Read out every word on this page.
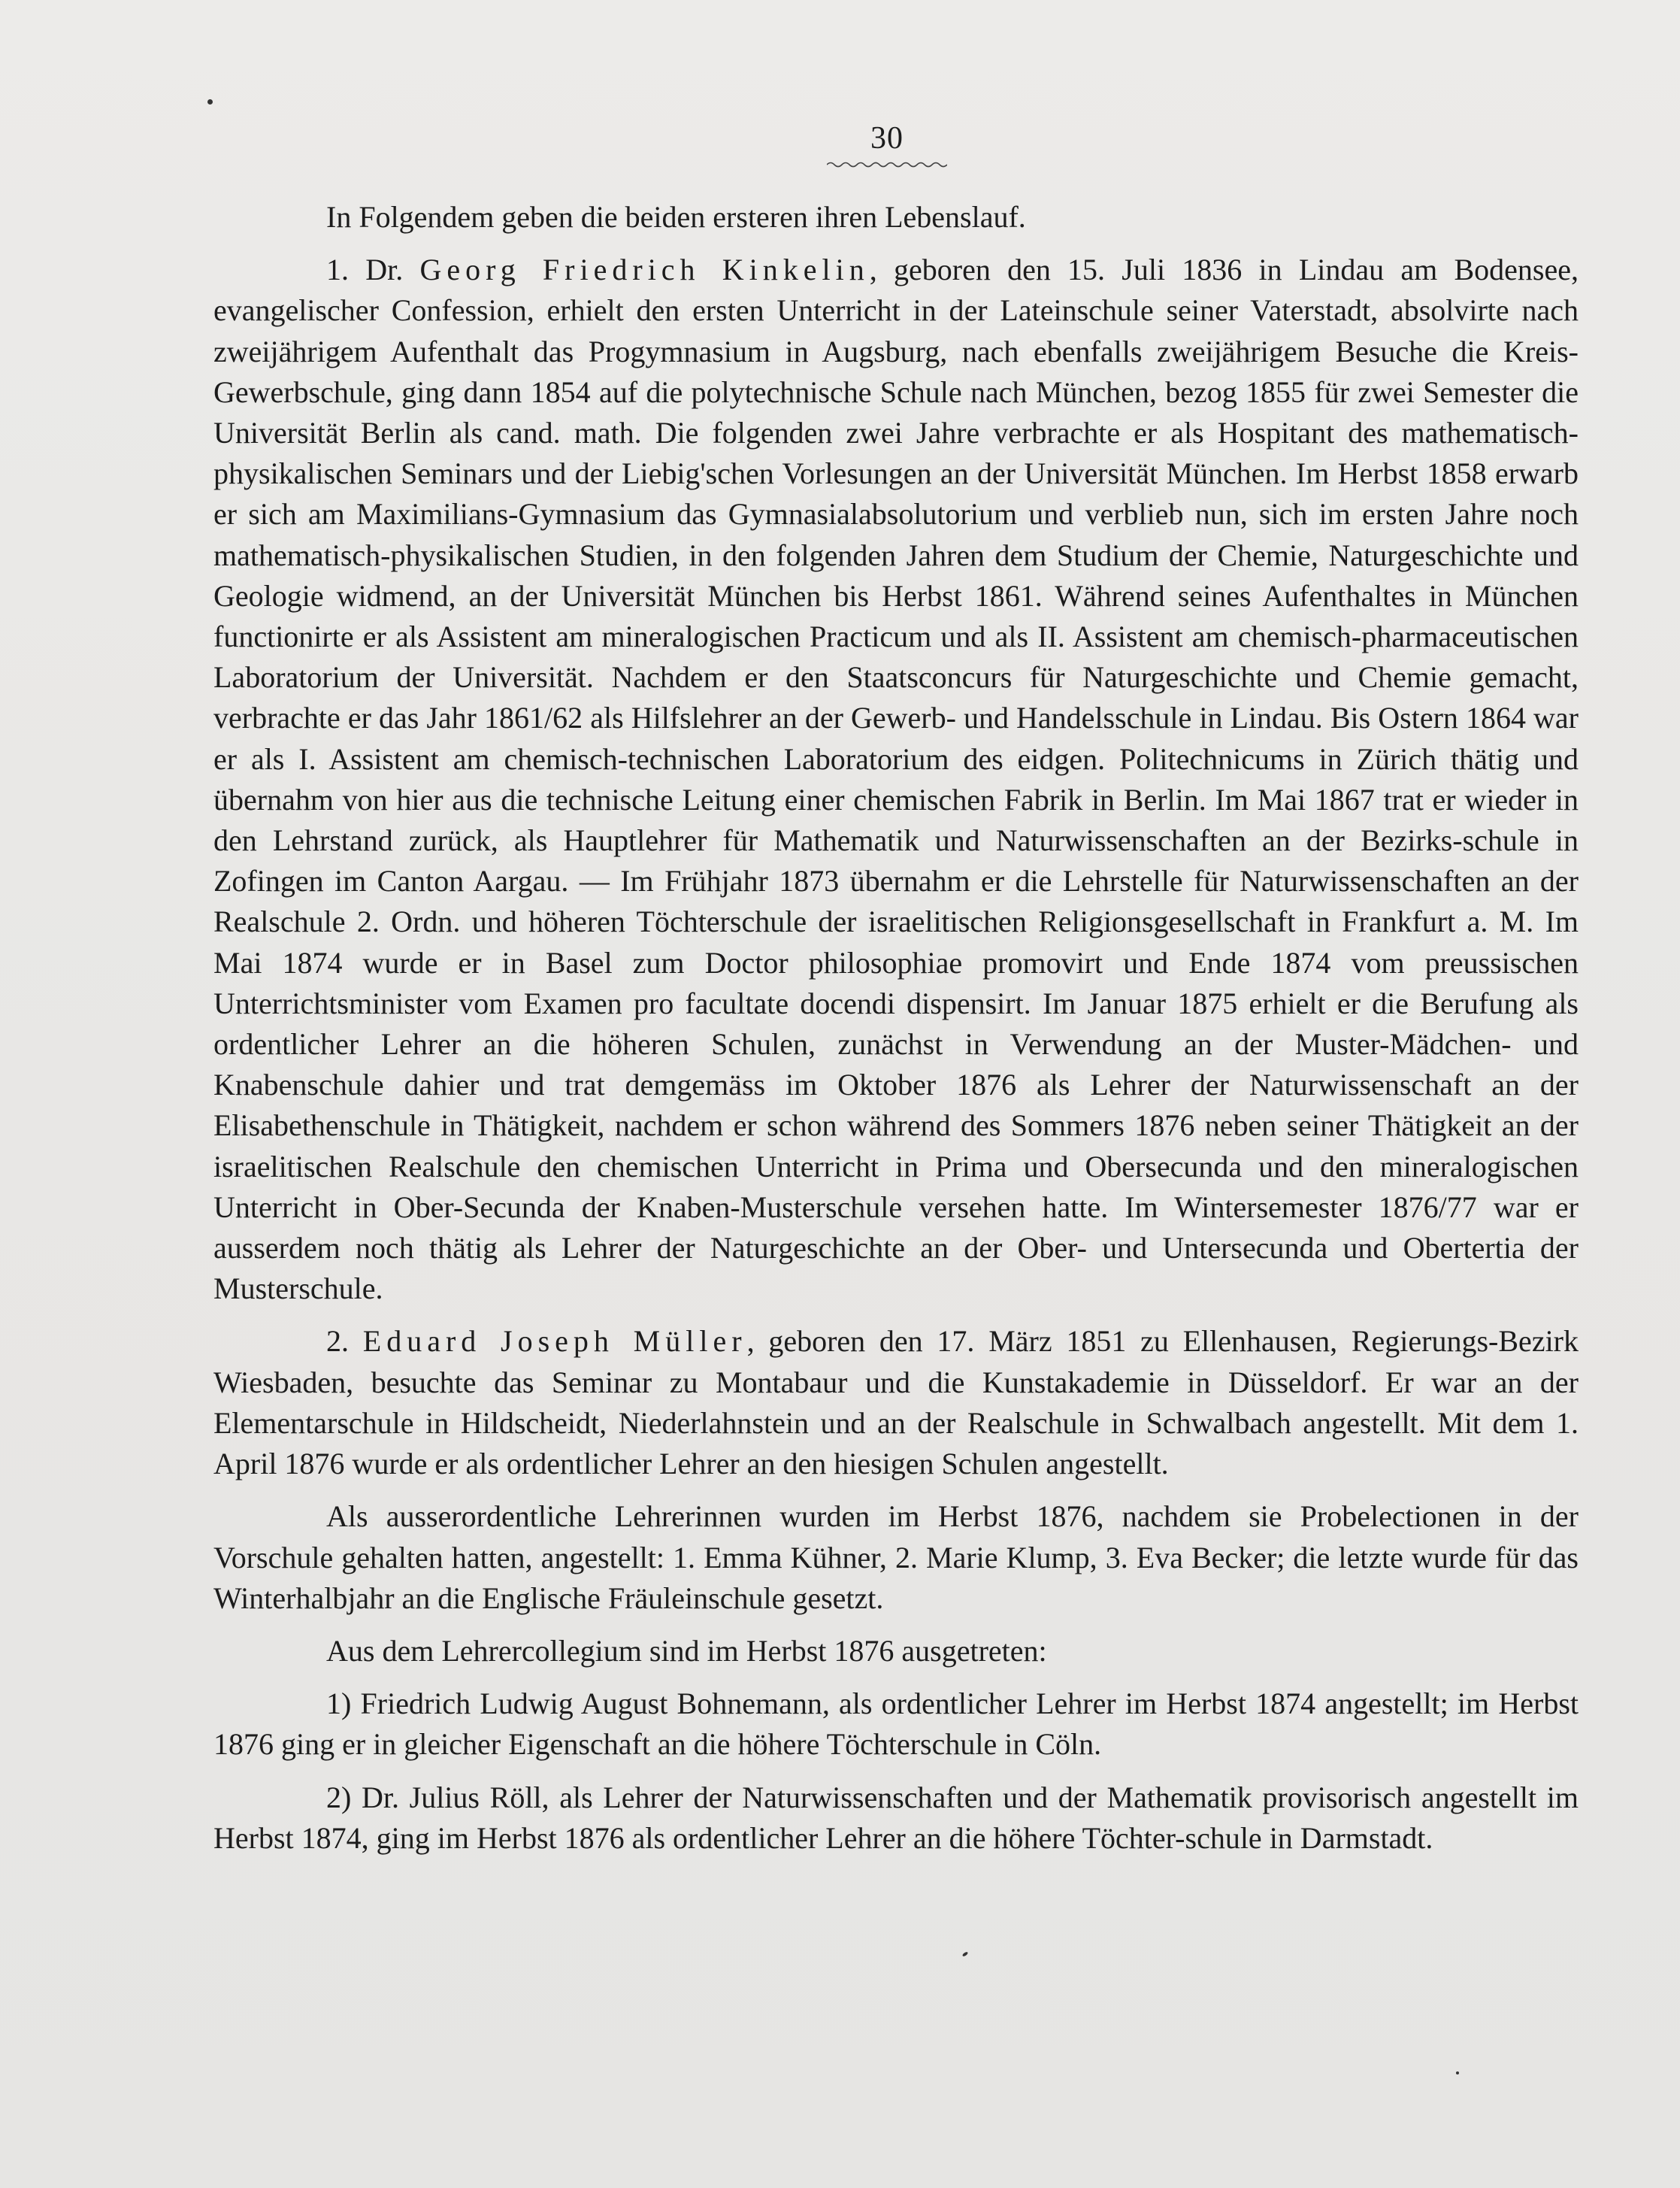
30

In Folgendem geben die beiden ersteren ihren Lebenslauf.

1. Dr. Georg Friedrich Kinkelin, geboren den 15. Juli 1836 in Lindau am Bodensee, evangelischer Confession, erhielt den ersten Unterricht in der Lateinschule seiner Vaterstadt, absolvirte nach zweijährigem Aufenthalt das Progymnasium in Augsburg, nach ebenfalls zweijährigem Besuche die Kreis-Gewerbschule, ging dann 1854 auf die polytechnische Schule nach München, bezog 1855 für zwei Semester die Universität Berlin als cand. math. Die folgenden zwei Jahre verbrachte er als Hospitant des mathematisch-physikalischen Seminars und der Liebig'schen Vorlesungen an der Universität München. Im Herbst 1858 erwarb er sich am Maximilians-Gymnasium das Gymnasialabsolutorium und verblieb nun, sich im ersten Jahre noch mathematisch-physikalischen Studien, in den folgenden Jahren dem Studium der Chemie, Naturgeschichte und Geologie widmend, an der Universität München bis Herbst 1861. Während seines Aufenthaltes in München functionirte er als Assistent am mineralogischen Practicum und als II. Assistent am chemisch-pharmaceutischen Laboratorium der Universität. Nachdem er den Staatsconcurs für Naturgeschichte und Chemie gemacht, verbrachte er das Jahr 1861/62 als Hilfslehrer an der Gewerb- und Handelsschule in Lindau. Bis Ostern 1864 war er als I. Assistent am chemisch-technischen Laboratorium des eidgen. Politechnicums in Zürich thätig und übernahm von hier aus die technische Leitung einer chemischen Fabrik in Berlin. Im Mai 1867 trat er wieder in den Lehrstand zurück, als Hauptlehrer für Mathematik und Naturwissenschaften an der Bezirks-schule in Zofingen im Canton Aargau. — Im Frühjahr 1873 übernahm er die Lehrstelle für Naturwissenschaften an der Realschule 2. Ordn. und höheren Töchterschule der israelitischen Religionsgesellschaft in Frankfurt a. M. Im Mai 1874 wurde er in Basel zum Doctor philosophiae promovirt und Ende 1874 vom preussischen Unterrichtsminister vom Examen pro facultate docendi dispensirt. Im Januar 1875 erhielt er die Berufung als ordentlicher Lehrer an die höheren Schulen, zunächst in Verwendung an der Muster-Mädchen- und Knabenschule dahier und trat demgemäss im Oktober 1876 als Lehrer der Naturwissenschaft an der Elisabethenschule in Thätigkeit, nachdem er schon während des Sommers 1876 neben seiner Thätigkeit an der israelitischen Realschule den chemischen Unterricht in Prima und Obersecunda und den mineralogischen Unterricht in Ober-Secunda der Knaben-Musterschule versehen hatte. Im Wintersemester 1876/77 war er ausserdem noch thätig als Lehrer der Naturgeschichte an der Ober- und Untersecunda und Obertertia der Musterschule.

2. Eduard Joseph Müller, geboren den 17. März 1851 zu Ellenhausen, Regierungs-Bezirk Wiesbaden, besuchte das Seminar zu Montabaur und die Kunstakademie in Düsseldorf. Er war an der Elementarschule in Hildscheidt, Niederlahnstein und an der Realschule in Schwalbach angestellt. Mit dem 1. April 1876 wurde er als ordentlicher Lehrer an den hiesigen Schulen angestellt.

Als ausserordentliche Lehrerinnen wurden im Herbst 1876, nachdem sie Probelectionen in der Vorschule gehalten hatten, angestellt: 1. Emma Kühner, 2. Marie Klump, 3. Eva Becker; die letzte wurde für das Winterhalbjahr an die Englische Fräuleinschule gesetzt.

Aus dem Lehrercollegium sind im Herbst 1876 ausgetreten:

1) Friedrich Ludwig August Bohnemann, als ordentlicher Lehrer im Herbst 1874 angestellt; im Herbst 1876 ging er in gleicher Eigenschaft an die höhere Töchterschule in Cöln.

2) Dr. Julius Röll, als Lehrer der Naturwissenschaften und der Mathematik provisorisch angestellt im Herbst 1874, ging im Herbst 1876 als ordentlicher Lehrer an die höhere Töchter-schule in Darmstadt.
